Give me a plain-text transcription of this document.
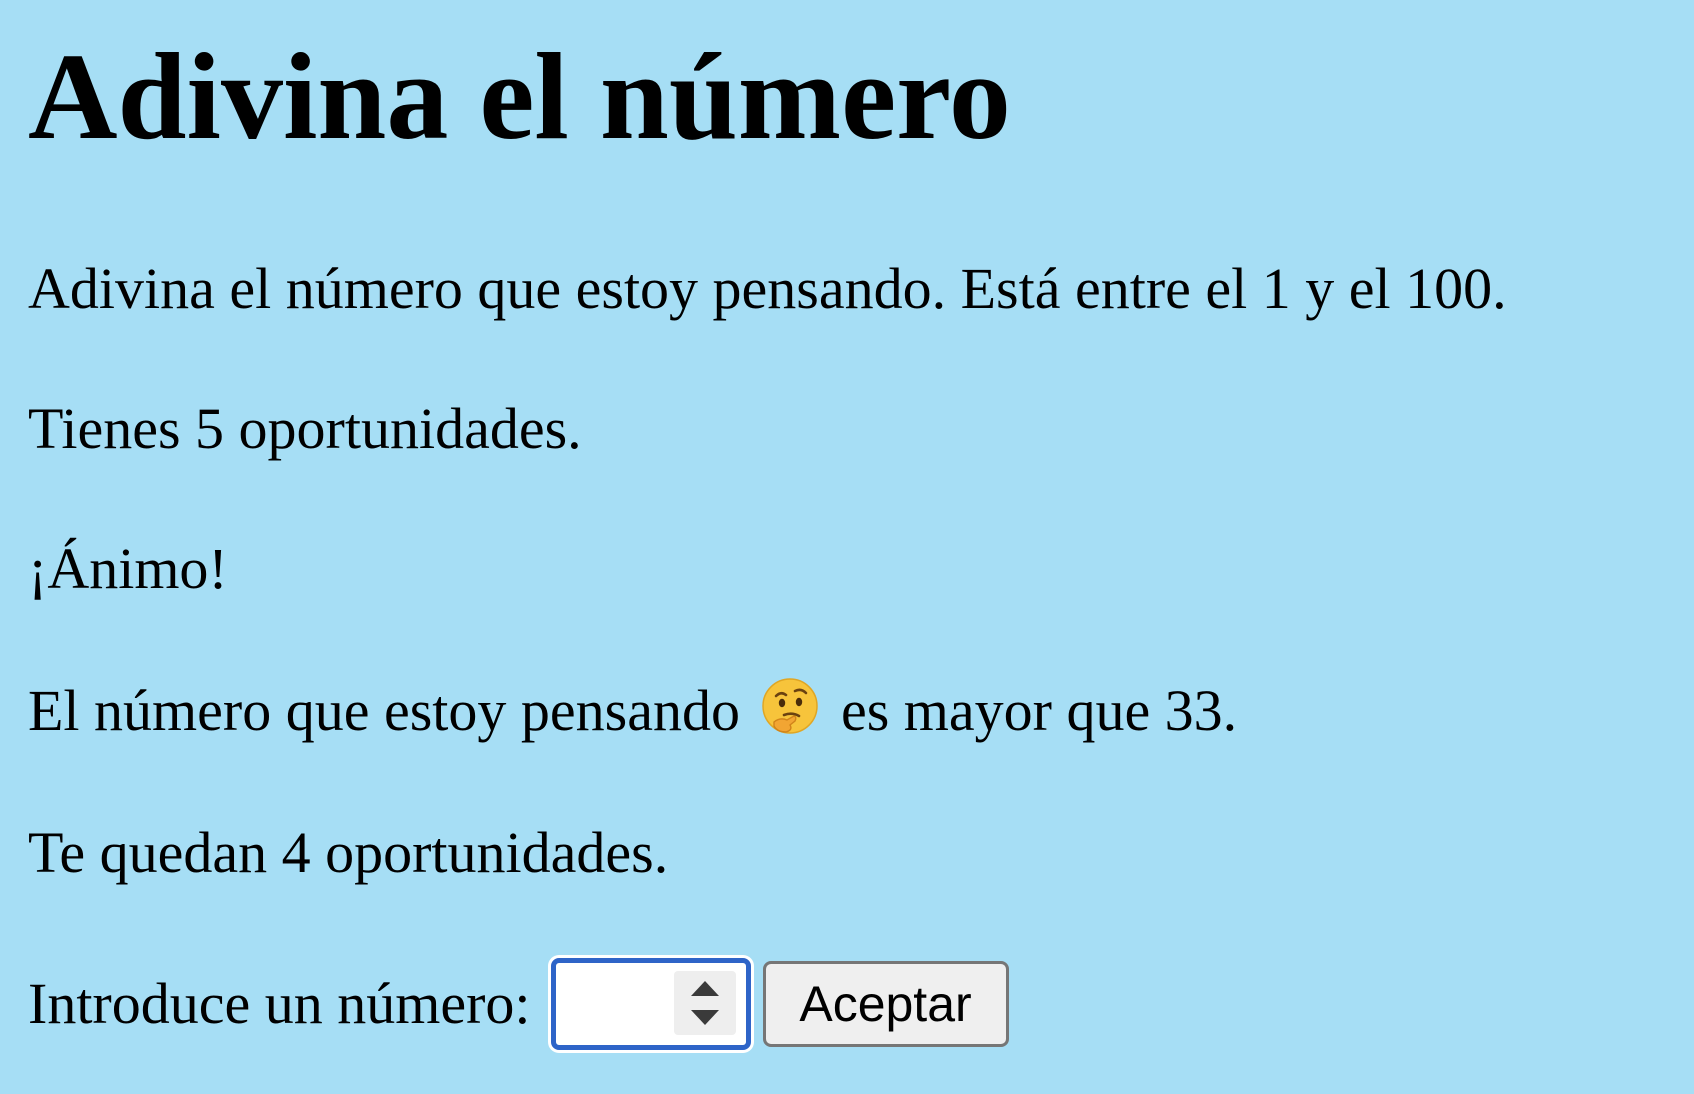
Adivina el número

Adivina el número que estoy pensando. Está entre el 1 y el 100.

Tienes 5 oportunidades.

¡Ánimo!

El número que estoy pensando es mayor que 33.

Te quedan 4 oportunidades.

Introduce un número:	Aceptar
